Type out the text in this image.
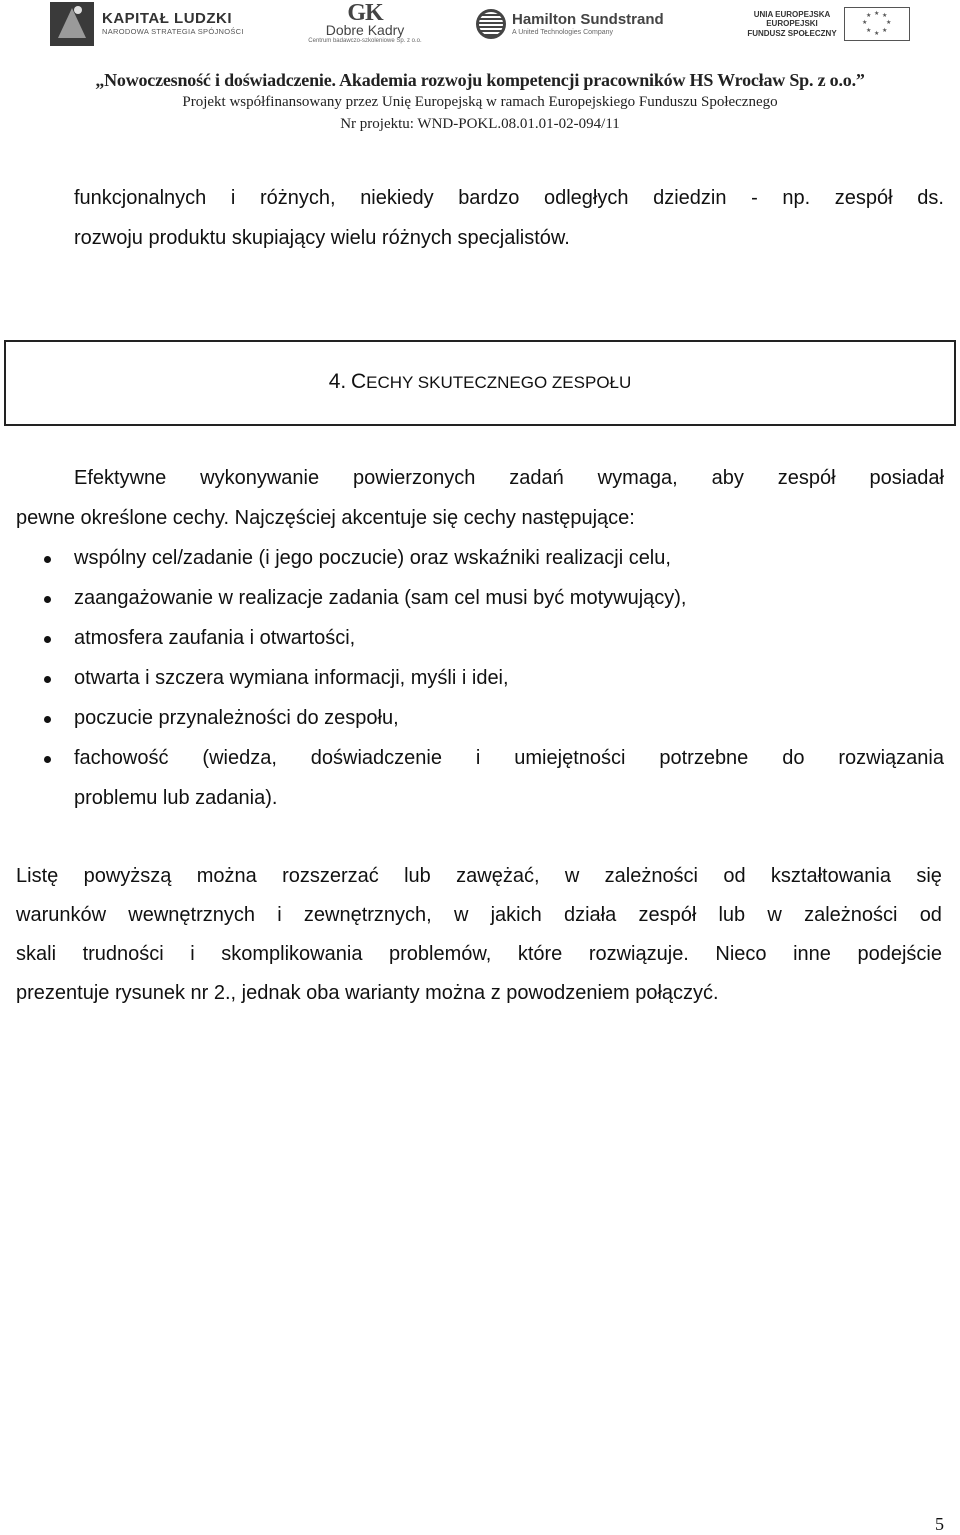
KAPITAŁ LUDZKI
NARODOWA STRATEGIA SPÓJNOŚCI
GK
Dobre Kadry
Centrum badawczo-szkoleniowe Sp. z o.o.
Hamilton Sundstrand
A United Technologies Company
UNIA EUROPEJSKA
EUROPEJSKI
FUNDUSZ SPOŁECZNY
★ ★
★
★
★
★
★
★
„Nowoczesność i doświadczenie. Akademia rozwoju kompetencji pracowników HS Wrocław Sp. z o.o.”
Projekt współfinansowany przez Unię Europejską w ramach Europejskiego Funduszu Społecznego
Nr projektu: WND-POKL.08.01.01-02-094/11
funkcjonalnych i różnych, niekiedy bardzo odległych dziedzin - np. zespół ds.
rozwoju produktu skupiający wielu różnych specjalistów.
4. CECHY SKUTECZNEGO ZESPOŁU
Efektywne wykonywanie powierzonych zadań wymaga, aby zespół posiadał
pewne określone cechy. Najczęściej akcentuje się cechy następujące:
wspólny cel/zadanie (i jego poczucie) oraz wskaźniki realizacji celu,
zaangażowanie w realizacje zadania (sam cel musi być motywujący),
atmosfera zaufania i otwartości,
otwarta i szczera wymiana informacji, myśli i idei,
poczucie przynależności do zespołu,
fachowość (wiedza, doświadczenie i umiejętności potrzebne do rozwiązania
problemu lub zadania).
Listę powyższą można rozszerzać lub zawężać, w zależności od kształtowania się
warunków wewnętrznych i zewnętrznych, w jakich działa zespół lub w zależności od
skali trudności i skomplikowania problemów, które rozwiązuje. Nieco inne podejście
prezentuje rysunek nr 2., jednak oba warianty można z powodzeniem połączyć.
5
